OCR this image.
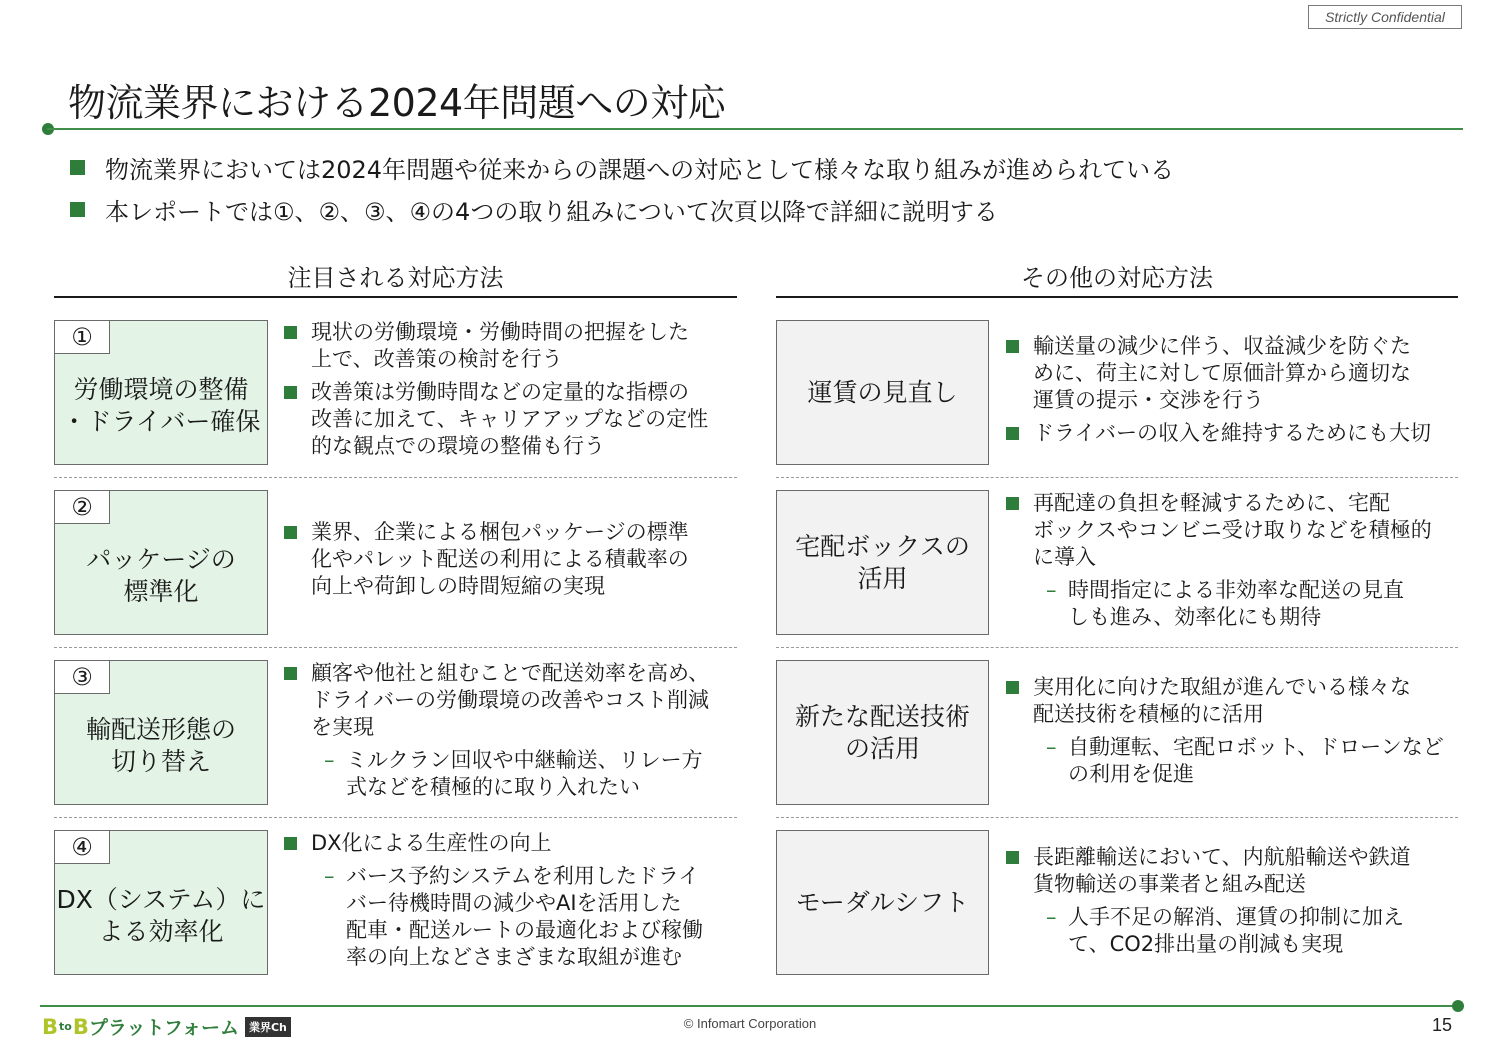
Strictly Confidential
物流業界における2024年問題への対応
物流業界においては2024年問題や従来からの課題への対応として様々な取り組みが進められている
本レポートでは①、②、③、④の4つの取り組みについて次頁以降で詳細に説明する
注目される対応方法	その他の対応方法
①
労働環境の整備
・ドライバー確保
現状の労働環境・労働時間の把握をした
上で、改善策の検討を行う
改善策は労働時間などの定量的な指標の
改善に加えて、キャリアアップなどの定性
的な観点での環境の整備も行う
②
パッケージの
標準化
業界、企業による梱包パッケージの標準
化やパレット配送の利用による積載率の
向上や荷卸しの時間短縮の実現
③
輸配送形態の
切り替え
顧客や他社と組むことで配送効率を高め、
ドライバーの労働環境の改善やコスト削減
を実現
– ミルクラン回収や中継輸送、リレー方
式などを積極的に取り入れたい
④
DX（システム）に
よる効率化
DX化による生産性の向上
– バース予約システムを利用したドライ
バー待機時間の減少やAIを活用した
配車・配送ルートの最適化および稼働
率の向上などさまざまな取組が進む
運賃の見直し
輸送量の減少に伴う、収益減少を防ぐた
めに、荷主に対して原価計算から適切な
運賃の提示・交渉を行う
ドライバーの収入を維持するためにも大切
宅配ボックスの
活用
再配達の負担を軽減するために、宅配
ボックスやコンビニ受け取りなどを積極的
に導入
– 時間指定による非効率な配送の見直
しも進み、効率化にも期待
新たな配送技術
の活用
実用化に向けた取組が進んでいる様々な
配送技術を積極的に活用
– 自動運転、宅配ロボット、ドローンなど
の利用を促進
モーダルシフト
長距離輸送において、内航船輸送や鉄道
貨物輸送の事業者と組み配送
– 人手不足の解消、運賃の抑制に加え
て、CO2排出量の削減も実現
B to B プラットフォーム 業界Ch	© Infomart Corporation	15
